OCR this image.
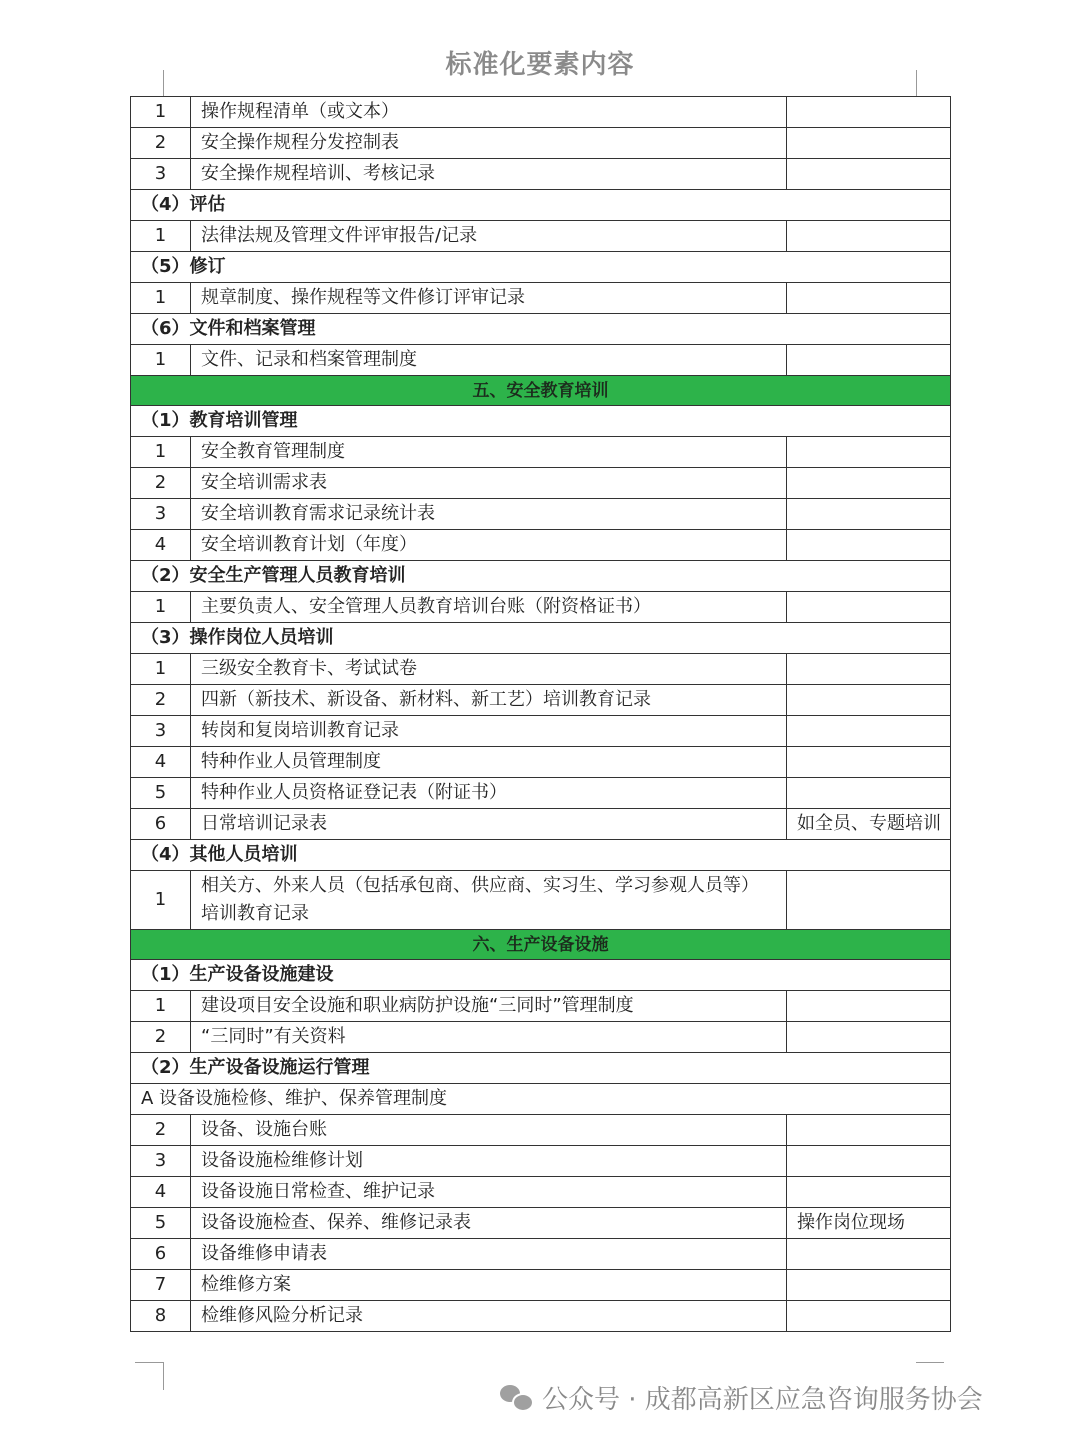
标准化要素内容
1	操作规程清单（或文本）	
2	安全操作规程分发控制表	
3	安全操作规程培训、考核记录	
（4）评估		
1	法律法规及管理文件评审报告/记录	
（5）修订		
1	规章制度、操作规程等文件修订评审记录	
（6）文件和档案管理		
1	文件、记录和档案管理制度	
五、安全教育培训		
（1）教育培训管理		
1	安全教育管理制度	
2	安全培训需求表	
3	安全培训教育需求记录统计表	
4	安全培训教育计划（年度）	
（2）安全生产管理人员教育培训		
1	主要负责人、安全管理人员教育培训台账（附资格证书）	
（3）操作岗位人员培训		
1	三级安全教育卡、考试试卷	
2	四新（新技术、新设备、新材料、新工艺）培训教育记录	
3	转岗和复岗培训教育记录	
4	特种作业人员管理制度	
5	特种作业人员资格证登记表（附证书）	
6	日常培训记录表	如全员、专题培训
（4）其他人员培训		
1	相关方、外来人员（包括承包商、供应商、实习生、学习参观人员等）培训教育记录	
六、生产设备设施		
（1）生产设备设施建设		
1	建设项目安全设施和职业病防护设施“三同时”管理制度	
2	“三同时”有关资料	
（2）生产设备设施运行管理		
A 设备设施检修、维护、保养管理制度		
2	设备、设施台账	
3	设备设施检维修计划	
4	设备设施日常检查、维护记录	
5	设备设施检查、保养、维修记录表	操作岗位现场
6	设备维修申请表	
7	检维修方案	
8	检维修风险分析记录	
公众号 · 成都高新区应急咨询服务协会
